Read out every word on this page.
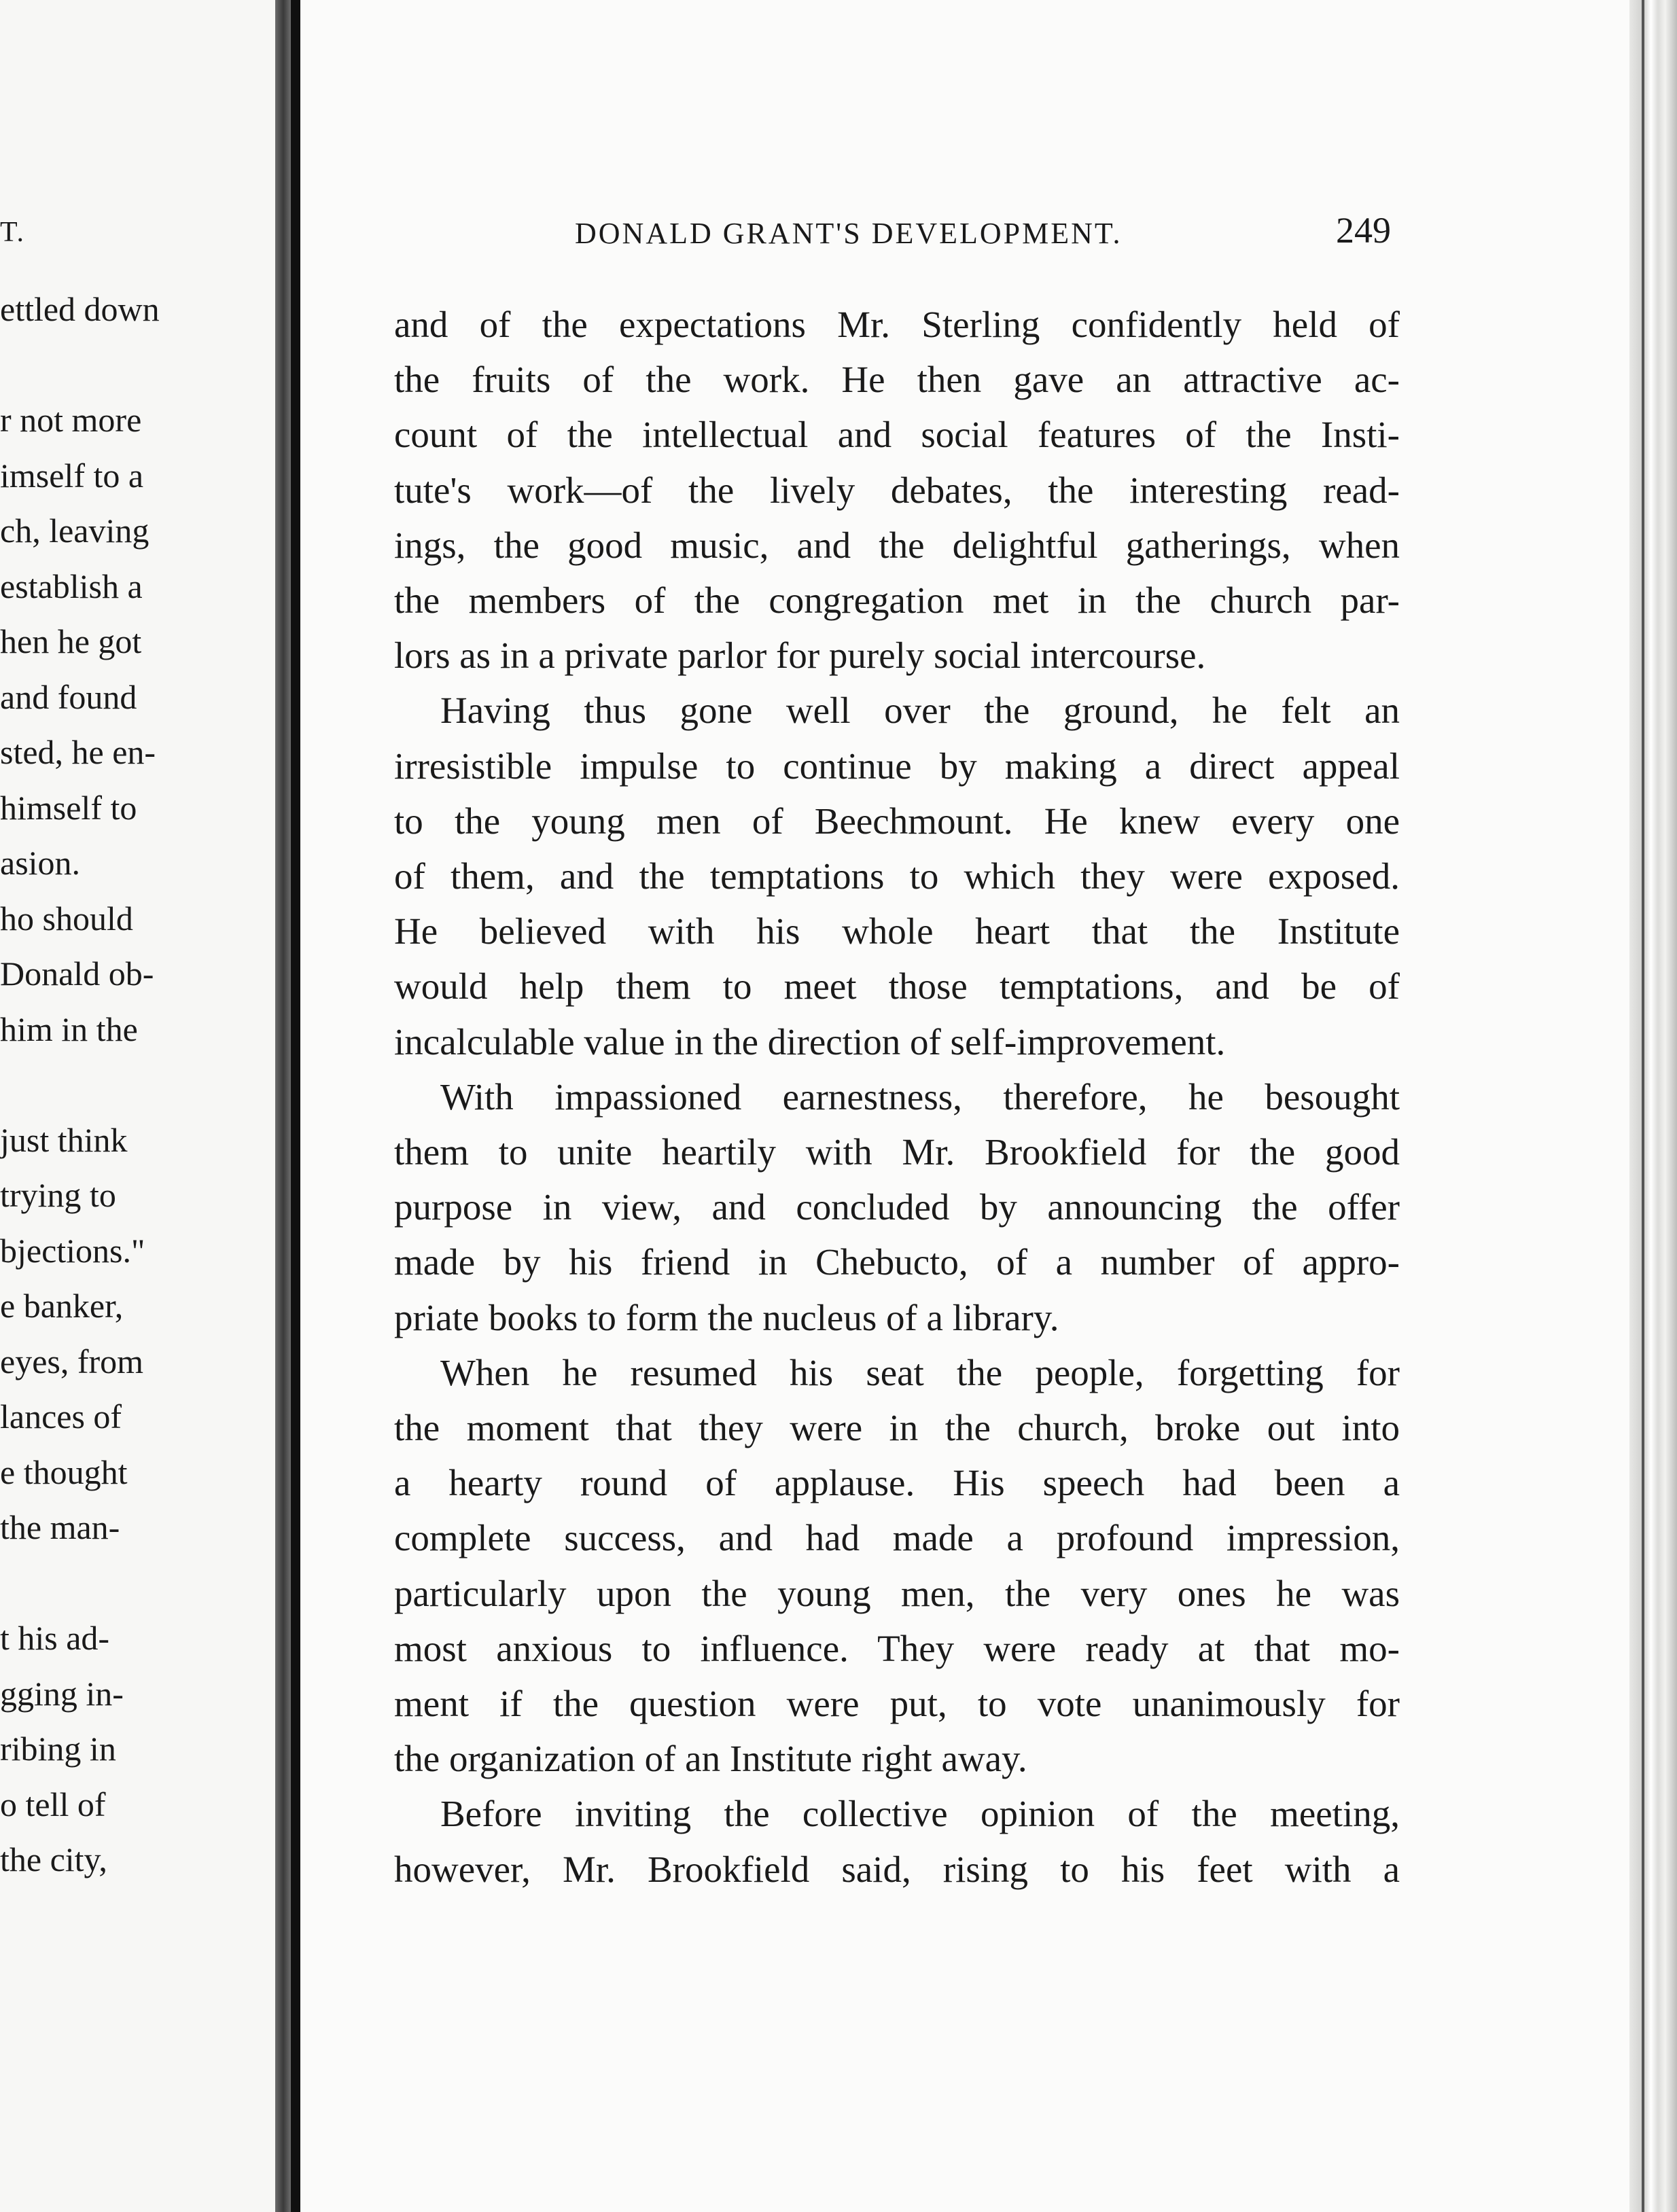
T.
ettled down
r not more
imself to a
ch, leaving
establish a
hen he got
and found
sted, he en-
himself to
asion.
ho should
Donald ob-
him in the
just think
trying to
bjections."
e banker,
eyes, from
lances of
e thought
the man-
t his ad-
gging in-
ribing in
o tell of
the city,
DONALD GRANT'S DEVELOPMENT.	249
and of the expectations Mr. Sterling confidently held of
the fruits of the work. He then gave an attractive ac-
count of the intellectual and social features of the Insti-
tute's work—of the lively debates, the interesting read-
ings, the good music, and the delightful gatherings, when
the members of the congregation met in the church par-
lors as in a private parlor for purely social intercourse.
Having thus gone well over the ground, he felt an
irresistible impulse to continue by making a direct appeal
to the young men of Beechmount. He knew every one
of them, and the temptations to which they were exposed.
He believed with his whole heart that the Institute
would help them to meet those temptations, and be of
incalculable value in the direction of self-improvement.
With impassioned earnestness, therefore, he besought
them to unite heartily with Mr. Brookfield for the good
purpose in view, and concluded by announcing the offer
made by his friend in Chebucto, of a number of appro-
priate books to form the nucleus of a library.
When he resumed his seat the people, forgetting for
the moment that they were in the church, broke out into
a hearty round of applause. His speech had been a
complete success, and had made a profound impression,
particularly upon the young men, the very ones he was
most anxious to influence. They were ready at that mo-
ment if the question were put, to vote unanimously for
the organization of an Institute right away.
Before inviting the collective opinion of the meeting,
however, Mr. Brookfield said, rising to his feet with a
